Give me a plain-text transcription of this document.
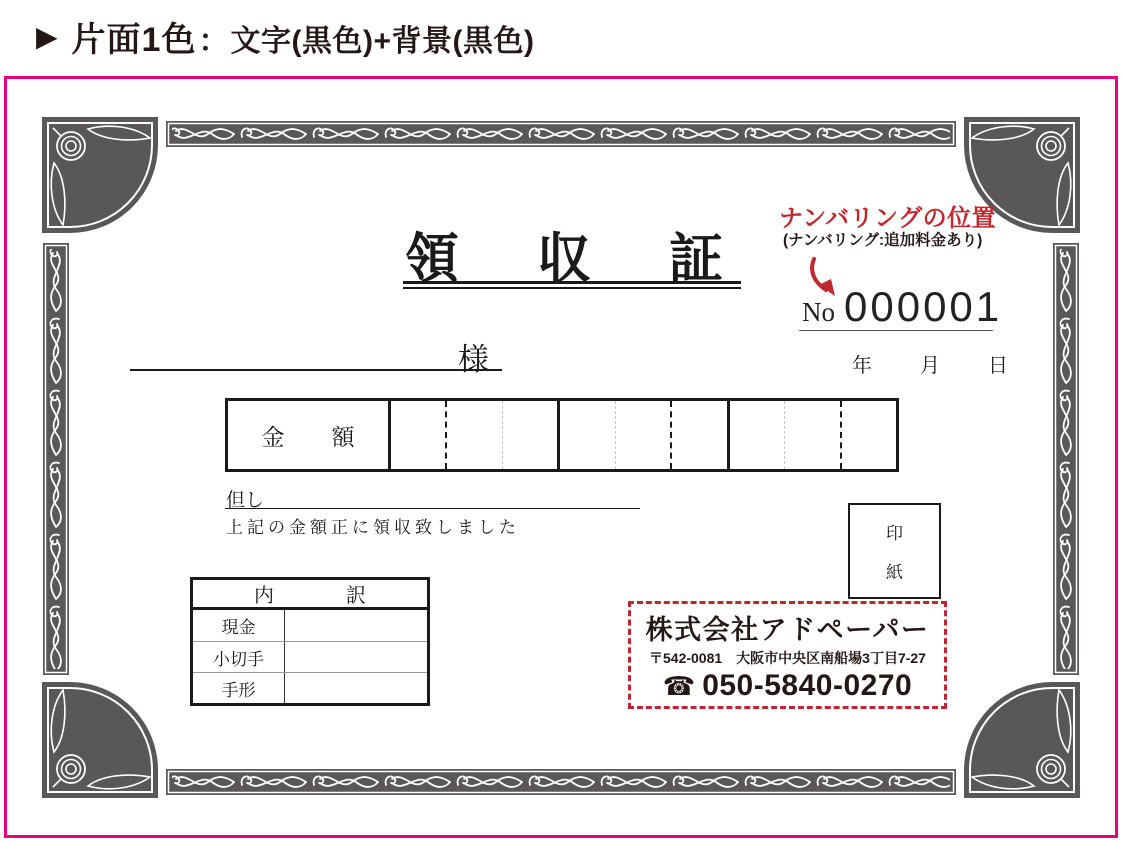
▶ 片面1色：文字(黒色)+背景(黒色)
領　収　証
ナンバリングの位置
(ナンバリング:追加料金あり)
No 000001
様	年 月 日
金　額
但し
上記の金額正に領収致しました	印
紙
内　訳
現金
小切手
手形
株式会社アドペーパー
〒542-0081　大阪市中央区南船場3丁目7-27
☎ 050-5840-0270
